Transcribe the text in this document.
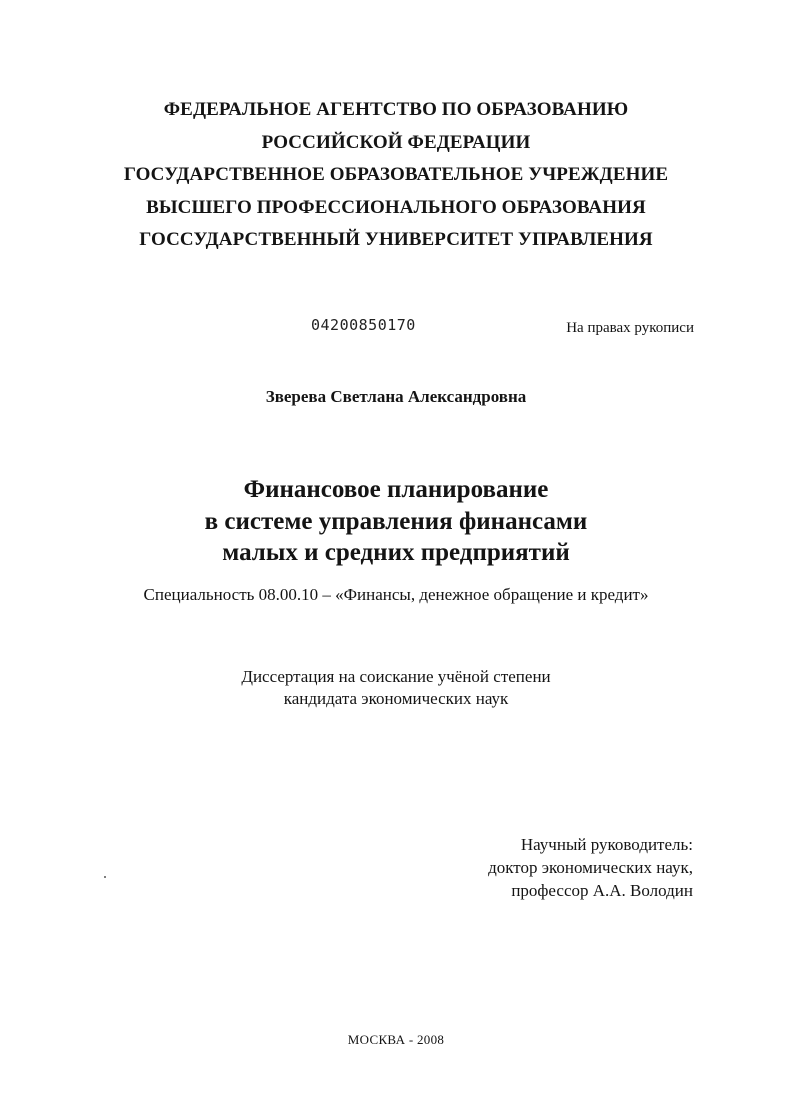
ФЕДЕРАЛЬНОЕ АГЕНТСТВО ПО ОБРАЗОВАНИЮ
РОССИЙСКОЙ ФЕДЕРАЦИИ
ГОСУДАРСТВЕННОЕ ОБРАЗОВАТЕЛЬНОЕ УЧРЕЖДЕНИЕ
ВЫСШЕГО ПРОФЕССИОНАЛЬНОГО ОБРАЗОВАНИЯ
ГОССУДАРСТВЕННЫЙ УНИВЕРСИТЕТ УПРАВЛЕНИЯ
04200850170	На правах рукописи
Зверева Светлана Александровна
Финансовое планирование
в системе управления финансами
малых и средних предприятий
Специальность 08.00.10 – «Финансы, денежное обращение и кредит»
Диссертация на соискание учёной степени
кандидата экономических наук
Научный руководитель:
доктор экономических наук,
профессор А.А. Володин
МОСКВА - 2008
